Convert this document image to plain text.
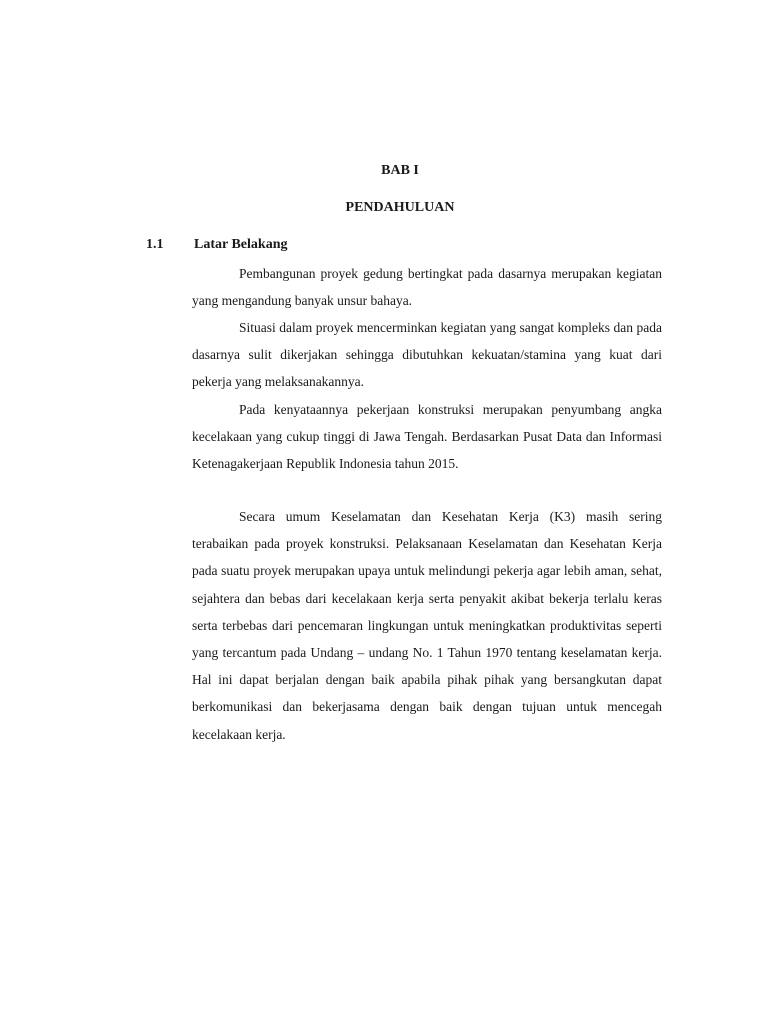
BAB I
PENDAHULUAN
1.1 Latar Belakang

Pembangunan proyek gedung bertingkat pada dasarnya merupakan kegiatan yang mengandung banyak unsur bahaya.

Situasi dalam proyek mencerminkan kegiatan yang sangat kompleks dan pada dasarnya sulit dikerjakan sehingga dibutuhkan kekuatan/stamina yang kuat dari pekerja yang melaksanakannya.

Pada kenyataannya pekerjaan konstruksi merupakan penyumbang angka kecelakaan yang cukup tinggi di Jawa Tengah. Berdasarkan Pusat Data dan Informasi Ketenagakerjaan Republik Indonesia tahun 2015.

Secara umum Keselamatan dan Kesehatan Kerja (K3) masih sering terabaikan pada proyek konstruksi. Pelaksanaan Keselamatan dan Kesehatan Kerja pada suatu proyek merupakan upaya untuk melindungi pekerja agar lebih aman, sehat, sejahtera dan bebas dari kecelakaan kerja serta penyakit akibat bekerja terlalu keras serta terbebas dari pencemaran lingkungan untuk meningkatkan produktivitas seperti yang tercantum pada Undang – undang No. 1 Tahun 1970 tentang keselamatan kerja. Hal ini dapat berjalan dengan baik apabila pihak pihak yang bersangkutan dapat berkomunikasi dan bekerjasama dengan baik dengan tujuan untuk mencegah kecelakaan kerja.
